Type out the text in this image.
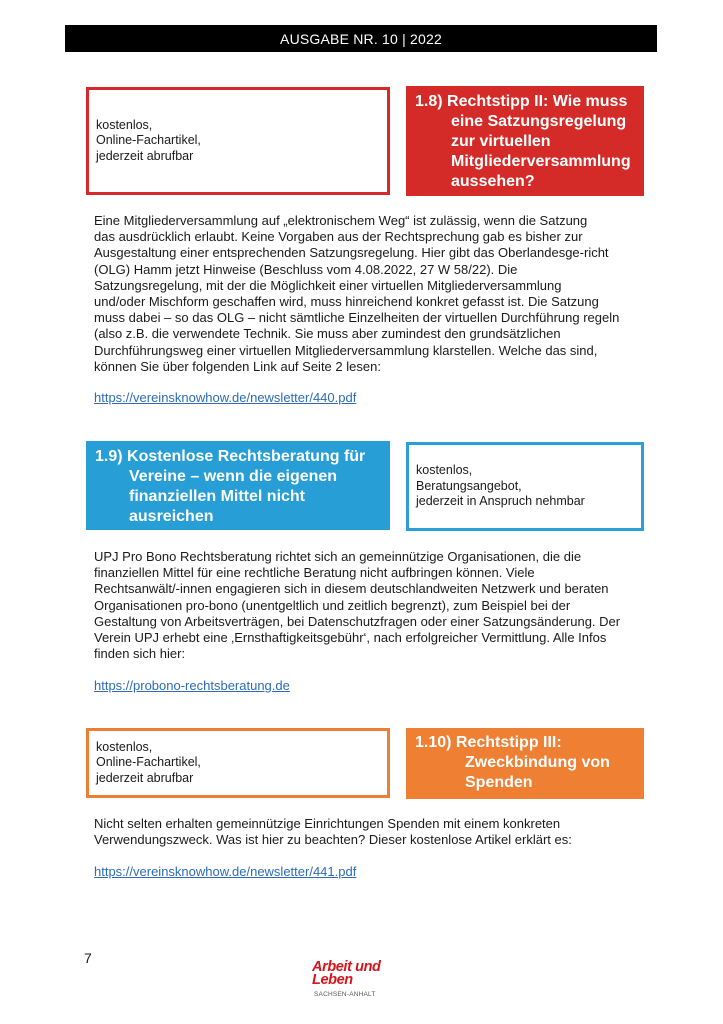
AUSGABE NR. 10 | 2022
kostenlos,
Online-Fachartikel,
jederzeit abrufbar
1.8) Rechtstipp II: Wie muss
eine Satzungsregelung
zur virtuellen
Mitgliederversammlung
aussehen?
Eine Mitgliederversammlung auf „elektronischem Weg“ ist zulässig, wenn die Satzung
das ausdrücklich erlaubt. Keine Vorgaben aus der Rechtsprechung gab es bisher zur
Ausgestaltung einer entsprechenden Satzungsregelung. Hier gibt das Oberlandesge-richt
(OLG) Hamm jetzt Hinweise (Beschluss vom 4.08.2022, 27 W 58/22). Die
Satzungsregelung, mit der die Möglichkeit einer virtuellen Mitgliederversammlung
und/oder Mischform geschaffen wird, muss hinreichend konkret gefasst ist. Die Satzung
muss dabei – so das OLG – nicht sämtliche Einzelheiten der virtuellen Durchführung regeln
(also z.B. die verwendete Technik. Sie muss aber zumindest den grundsätzlichen
Durchführungsweg einer virtuellen Mitgliederversammlung klarstellen. Welche das sind,
können Sie über folgenden Link auf Seite 2 lesen:
https://vereinsknowhow.de/newsletter/440.pdf
1.9) Kostenlose Rechtsberatung für
Vereine – wenn die eigenen
finanziellen Mittel nicht
ausreichen
kostenlos,
Beratungsangebot,
jederzeit in Anspruch nehmbar
UPJ Pro Bono Rechtsberatung richtet sich an gemeinnützige Organisationen, die die
finanziellen Mittel für eine rechtliche Beratung nicht aufbringen können. Viele
Rechtsanwält/-innen engagieren sich in diesem deutschlandweiten Netzwerk und beraten
Organisationen pro-bono (unentgeltlich und zeitlich begrenzt), zum Beispiel bei der
Gestaltung von Arbeitsverträgen, bei Datenschutzfragen oder einer Satzungsänderung. Der
Verein UPJ erhebt eine ‚Ernsthaftigkeitsgebühr‘, nach erfolgreicher Vermittlung. Alle Infos
finden sich hier:
https://probono-rechtsberatung.de
kostenlos,
Online-Fachartikel,
jederzeit abrufbar
1.10) Rechtstipp III:
Zweckbindung von
Spenden
Nicht selten erhalten gemeinnützige Einrichtungen Spenden mit einem konkreten
Verwendungszweck. Was ist hier zu beachten? Dieser kostenlose Artikel erklärt es:
https://vereinsknowhow.de/newsletter/441.pdf
7
Arbeit und
Leben
SACHSEN-ANHALT
